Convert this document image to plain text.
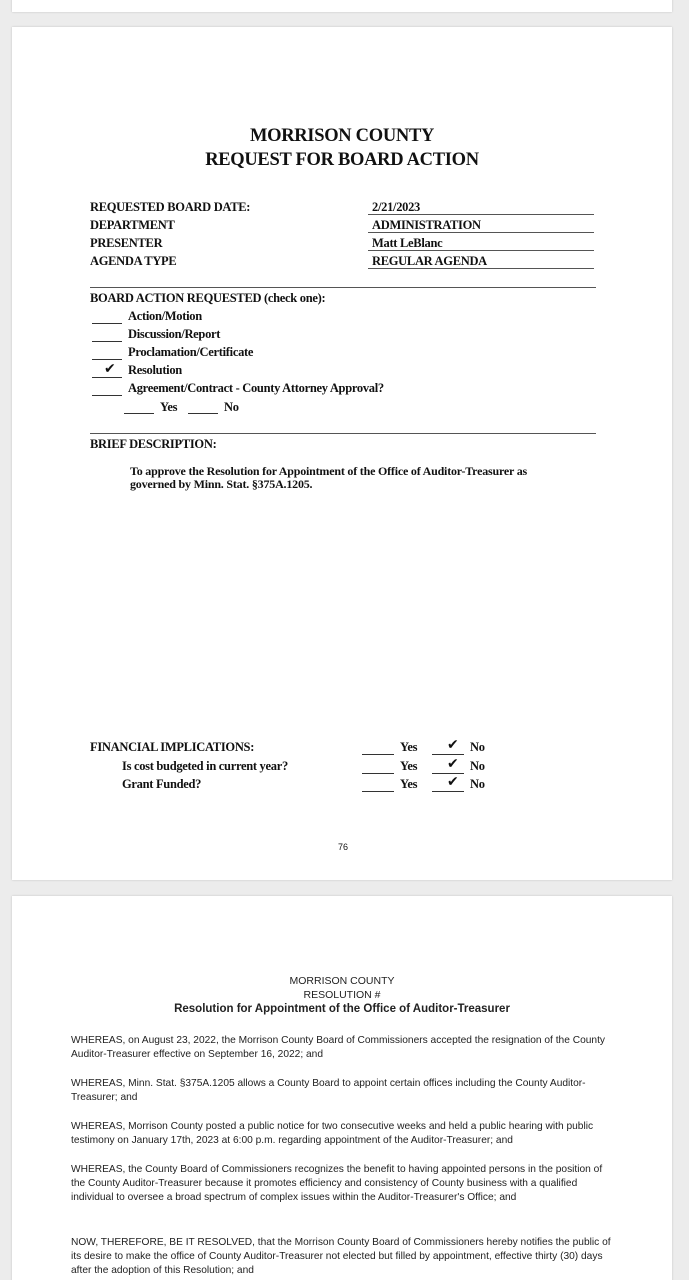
MORRISON COUNTY
REQUEST FOR BOARD ACTION
REQUESTED BOARD DATE:	2/21/2023
DEPARTMENT	ADMINISTRATION
PRESENTER	Matt LeBlanc
AGENDA TYPE	REGULAR AGENDA
BOARD ACTION REQUESTED (check one):
Action/Motion
Discussion/Report
Proclamation/Certificate
✔ Resolution
Agreement/Contract - County Attorney Approval?
Yes	No
BRIEF DESCRIPTION:
To approve the Resolution for Appointment of the Office of Auditor-Treasurer as governed by Minn. Stat. §375A.1205.
FINANCIAL IMPLICATIONS:	Yes ✔ No
Is cost budgeted in current year?	Yes ✔ No
Grant Funded?	Yes ✔ No
76
MORRISON COUNTY
RESOLUTION #
Resolution for Appointment of the Office of Auditor-Treasurer
WHEREAS, on August 23, 2022, the Morrison County Board of Commissioners accepted the resignation of the County Auditor-Treasurer effective on September 16, 2022; and
WHEREAS, Minn. Stat. §375A.1205 allows a County Board to appoint certain offices including the County Auditor-Treasurer; and
WHEREAS, Morrison County posted a public notice for two consecutive weeks and held a public hearing with public testimony on January 17th, 2023 at 6:00 p.m. regarding appointment of the Auditor-Treasurer; and
WHEREAS, the County Board of Commissioners recognizes the benefit to having appointed persons in the position of the County Auditor-Treasurer because it promotes efficiency and consistency of County business with a qualified individual to oversee a broad spectrum of complex issues within the Auditor-Treasurer's Office; and
NOW, THEREFORE, BE IT RESOLVED, that the Morrison County Board of Commissioners hereby notifies the public of its desire to make the office of County Auditor-Treasurer not elected but filled by appointment, effective thirty (30) days after the adoption of this Resolution; and
